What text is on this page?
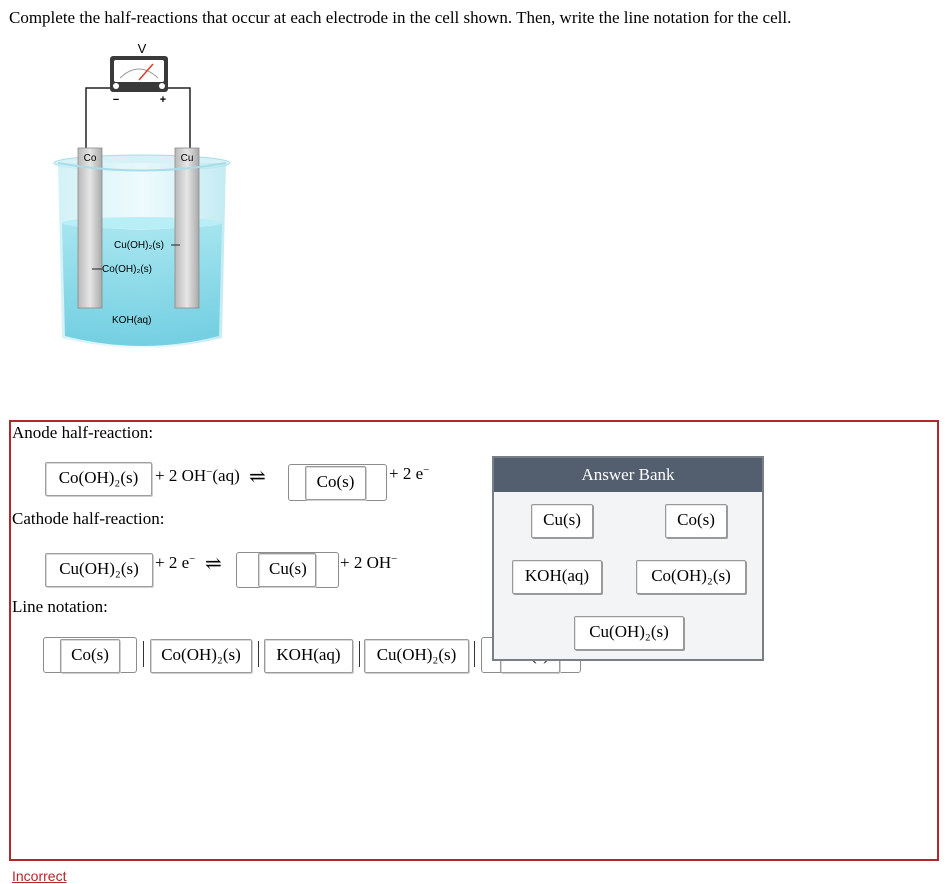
Complete the half-reactions that occur at each electrode in the cell shown. Then, write the line notation for the cell.
V
−	+
Co	Cu
Cu(OH)₂(s)
Co(OH)₂(s)
KOH(aq)
Anode half-reaction:
Co(OH)₂(s) + 2 OH−(aq) ⇌	Co(s)	+ 2 e−
Cathode half-reaction:
Cu(OH)₂(s) + 2 e− ⇌	Cu(s)	+ 2 OH−
Line notation:
Co(s)	Co(OH)₂(s)	KOH(aq)	Cu(OH)₂(s)
Answer Bank
Cu(s)	Co(s)
KOH(aq)	Co(OH)₂(s)
Cu(OH)₂(s)
Incorrect
